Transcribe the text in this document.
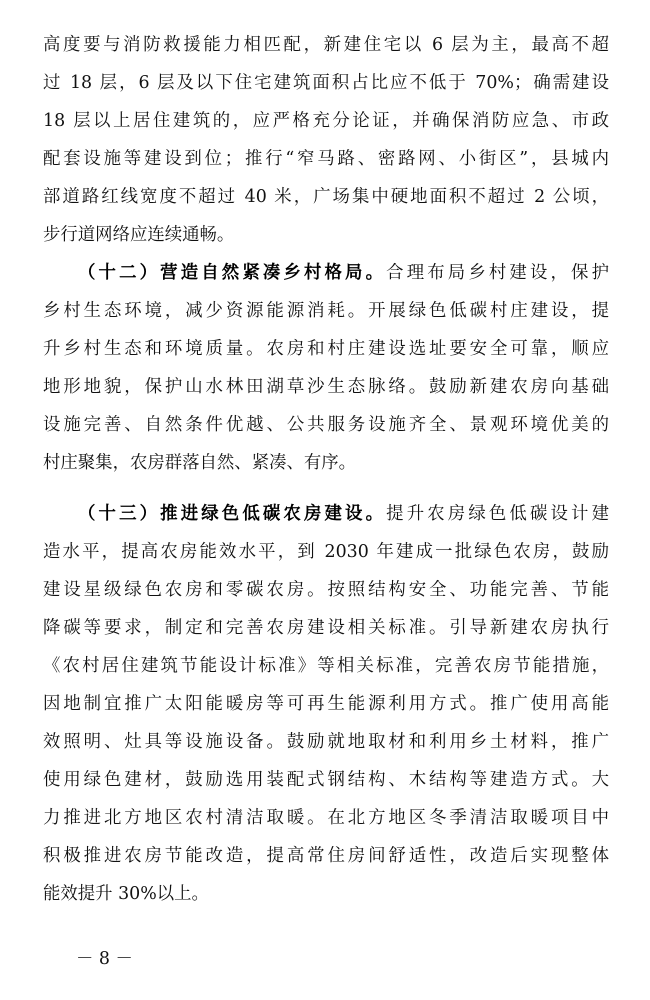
高度要与消防救援能力相匹配，新建住宅以 6 层为主，最高不超
过 18 层，6 层及以下住宅建筑面积占比应不低于 70%；确需建设
18 层以上居住建筑的，应严格充分论证，并确保消防应急、市政
配套设施等建设到位；推行“窄马路、密路网、小街区”，县城内
部道路红线宽度不超过 40 米，广场集中硬地面积不超过 2 公顷，
步行道网络应连续通畅。
（十二）营造自然紧凑乡村格局。合理布局乡村建设，保护
乡村生态环境，减少资源能源消耗。开展绿色低碳村庄建设，提
升乡村生态和环境质量。农房和村庄建设选址要安全可靠，顺应
地形地貌，保护山水林田湖草沙生态脉络。鼓励新建农房向基础
设施完善、自然条件优越、公共服务设施齐全、景观环境优美的
村庄聚集，农房群落自然、紧凑、有序。
（十三）推进绿色低碳农房建设。提升农房绿色低碳设计建
造水平，提高农房能效水平，到 2030 年建成一批绿色农房，鼓励
建设星级绿色农房和零碳农房。按照结构安全、功能完善、节能
降碳等要求，制定和完善农房建设相关标准。引导新建农房执行
《农村居住建筑节能设计标准》等相关标准，完善农房节能措施，
因地制宜推广太阳能暖房等可再生能源利用方式。推广使用高能
效照明、灶具等设施设备。鼓励就地取材和利用乡土材料，推广
使用绿色建材，鼓励选用装配式钢结构、木结构等建造方式。大
力推进北方地区农村清洁取暖。在北方地区冬季清洁取暖项目中
积极推进农房节能改造，提高常住房间舒适性，改造后实现整体
能效提升 30%以上。
－ 8 －
